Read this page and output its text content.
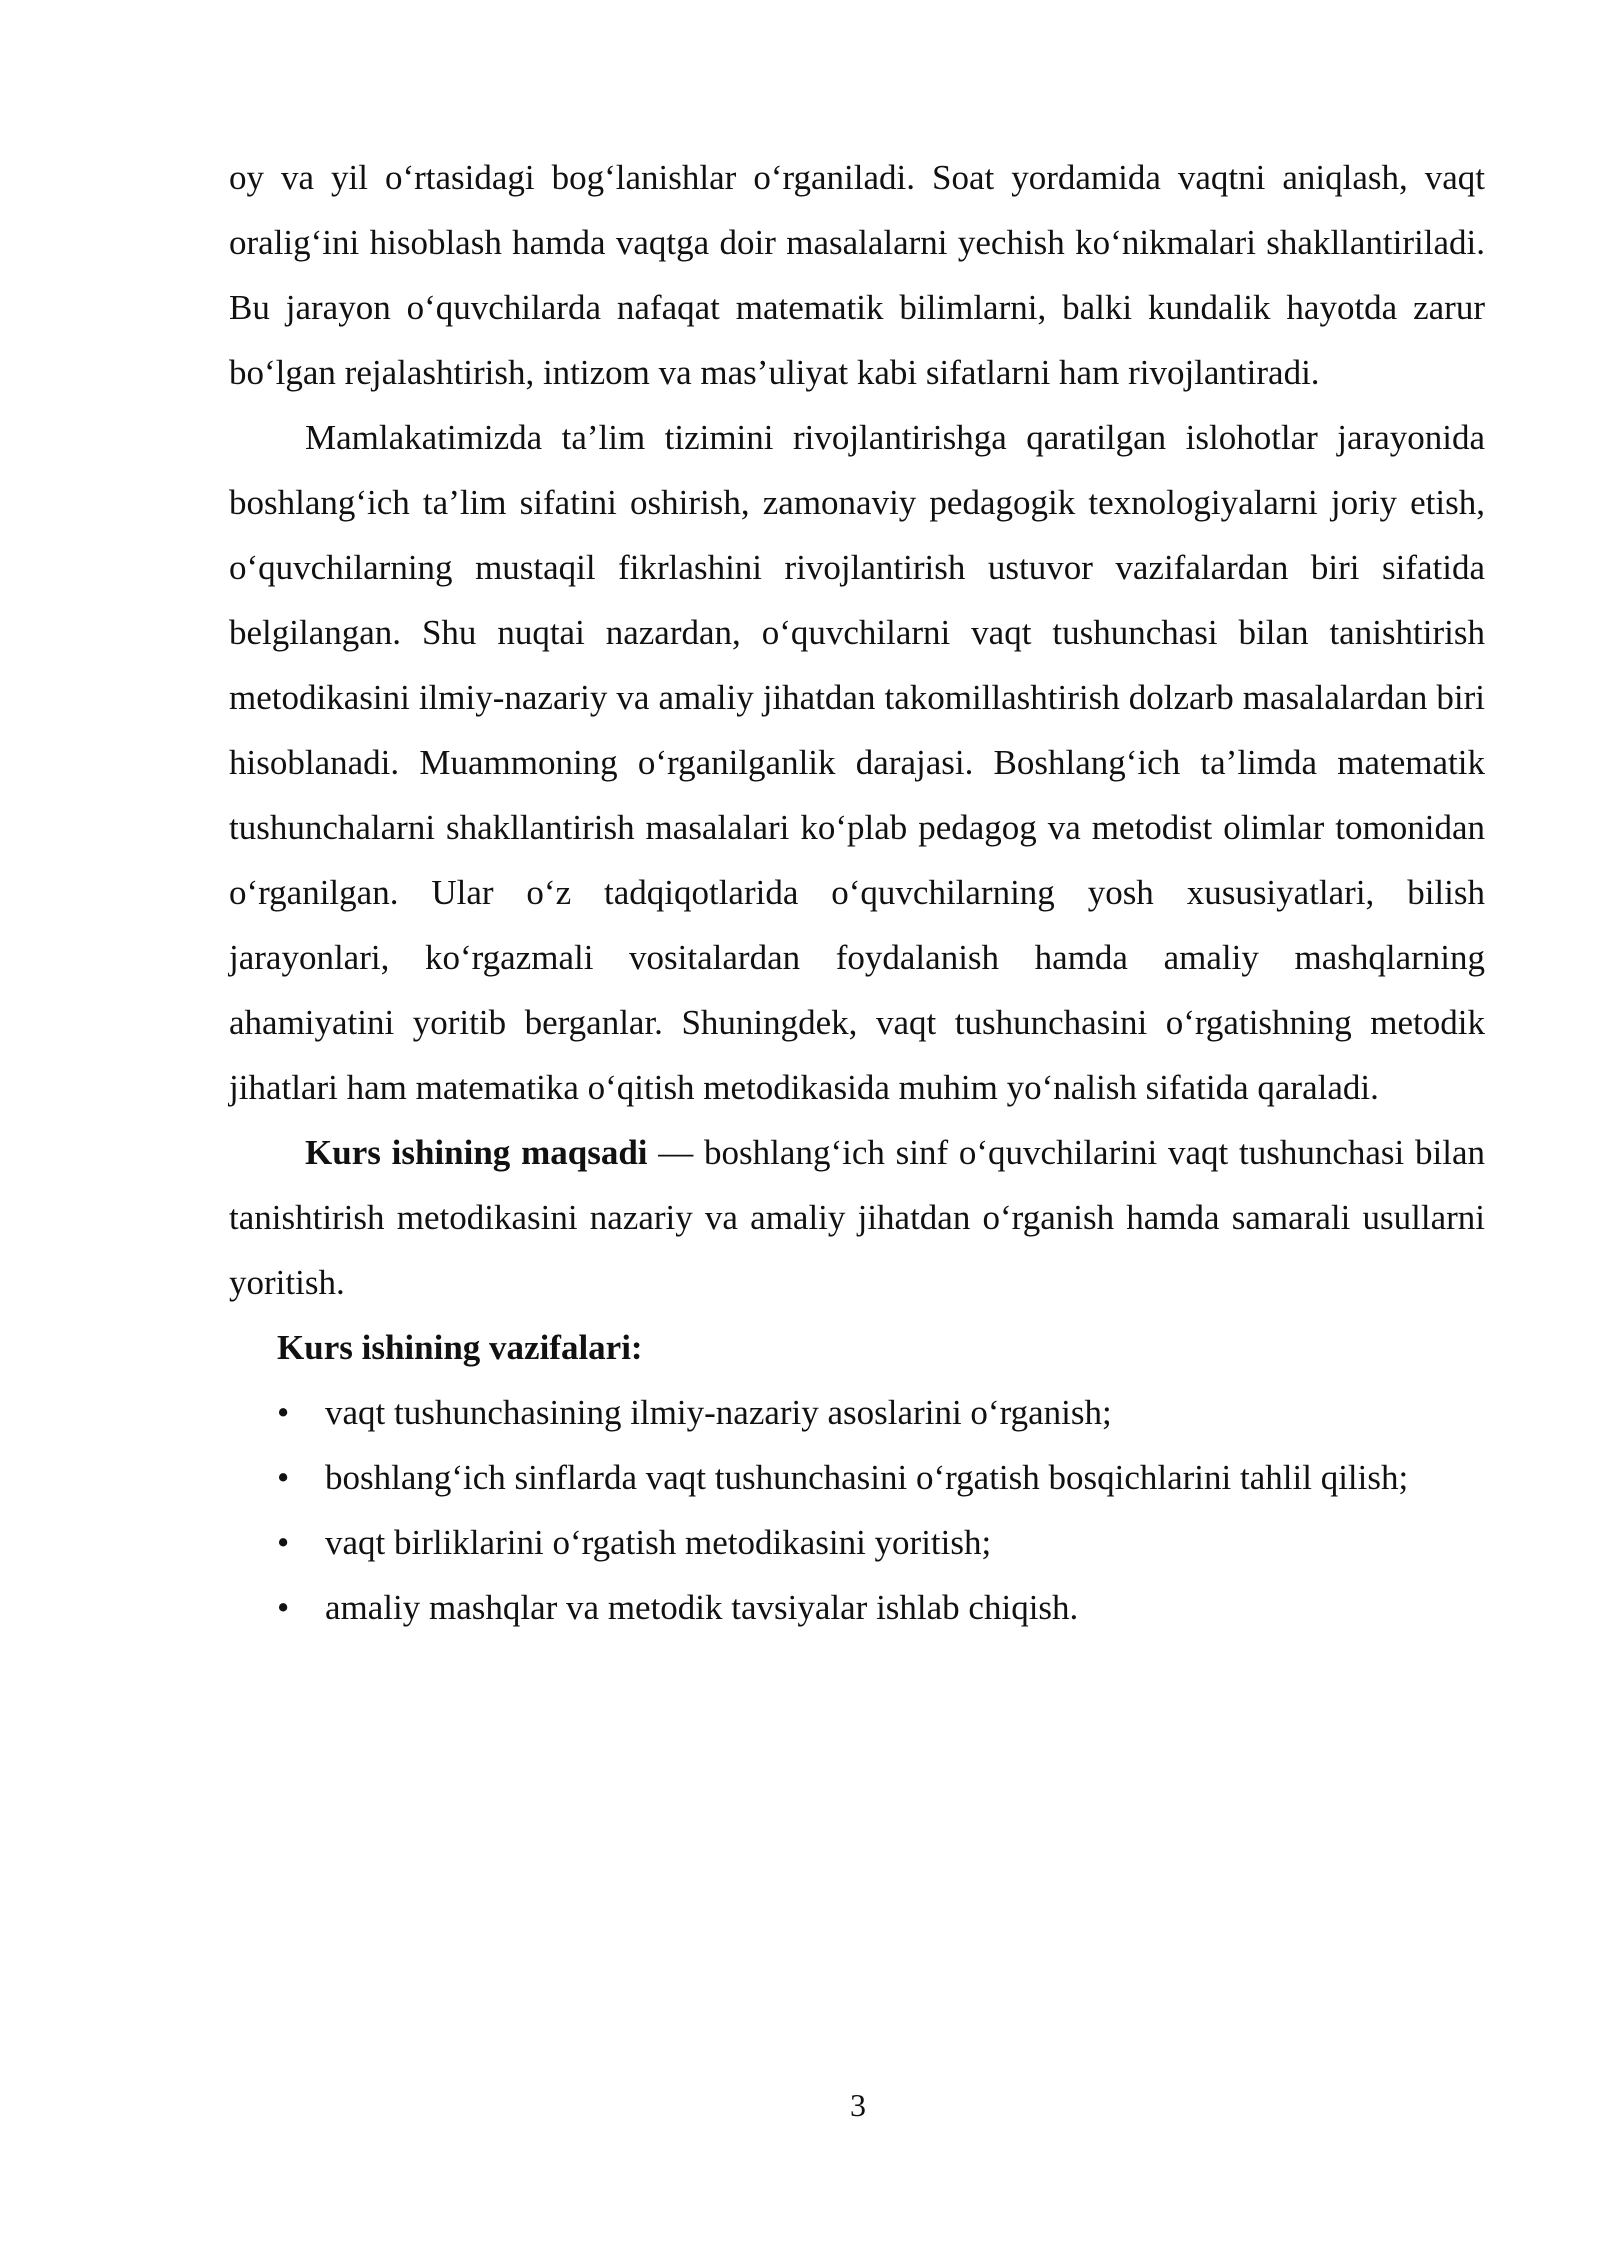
oy va yil o‘rtasidagi bog‘lanishlar o‘rganiladi. Soat yordamida vaqtni aniqlash, vaqt oralig‘ini hisoblash hamda vaqtga doir masalalarni yechish ko‘nikmalari shakllantiriladi. Bu jarayon o‘quvchilarda nafaqat matematik bilimlarni, balki kundalik hayotda zarur bo‘lgan rejalashtirish, intizom va mas’uliyat kabi sifatlarni ham rivojlantiradi.

Mamlakatimizda ta’lim tizimini rivojlantirishga qaratilgan islohotlar jarayonida boshlang‘ich ta’lim sifatini oshirish, zamonaviy pedagogik texnologiyalarni joriy etish, o‘quvchilarning mustaqil fikrlashini rivojlantirish ustuvor vazifalardan biri sifatida belgilangan. Shu nuqtai nazardan, o‘quvchilarni vaqt tushunchasi bilan tanishtirish metodikasini ilmiy-nazariy va amaliy jihatdan takomillashtirish dolzarb masalalardan biri hisoblanadi. Muammoning o‘rganilganlik darajasi. Boshlang‘ich ta’limda matematik tushunchalarni shakllantirish masalalari ko‘plab pedagog va metodist olimlar tomonidan o‘rganilgan. Ular o‘z tadqiqotlarida o‘quvchilarning yosh xususiyatlari, bilish jarayonlari, ko‘rgazmali vositalardan foydalanish hamda amaliy mashqlarning ahamiyatini yoritib berganlar. Shuningdek, vaqt tushunchasini o‘rgatishning metodik jihatlari ham matematika o‘qitish metodikasida muhim yo‘nalish sifatida qaraladi.

Kurs ishining maqsadi — boshlang‘ich sinf o‘quvchilarini vaqt tushunchasi bilan tanishtirish metodikasini nazariy va amaliy jihatdan o‘rganish hamda samarali usullarni yoritish.

Kurs ishining vazifalari:

• vaqt tushunchasining ilmiy-nazariy asoslarini o‘rganish;
• boshlang‘ich sinflarda vaqt tushunchasini o‘rgatish bosqichlarini tahlil qilish;
• vaqt birliklarini o‘rgatish metodikasini yoritish;
• amaliy mashqlar va metodik tavsiyalar ishlab chiqish.
3
